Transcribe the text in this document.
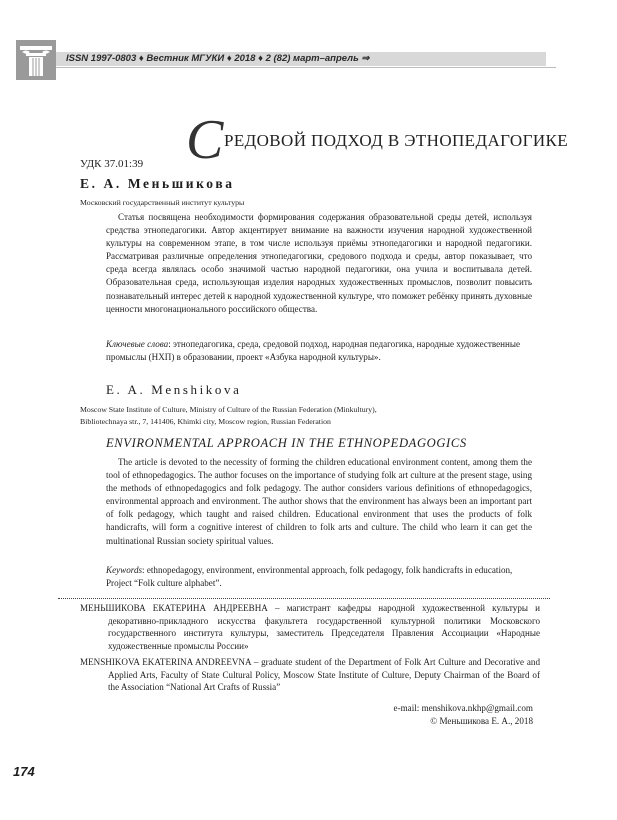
ISSN 1997-0803 ♦ Вестник МГУКИ ♦ 2018 ♦ 2 (82) март–апрель ⇒
С РЕДОВОЙ ПОДХОД В ЭТНОПЕДАГОГИКЕ
УДК 37.01:39
Е. А. Меньшикова
Московский государственный институт культуры

Статья посвящена необходимости формирования содержания образовательной среды детей, используя средства этнопедагогики. Автор акцентирует внимание на важности изучения народной художественной культуры на современном этапе, в том числе используя приёмы этнопедагогики и народной педагогики. Рассматривая различные определения этнопедагогики, средового подхода и среды, автор показывает, что среда всегда являлась особо значимой частью народной педагогики, она учила и воспитывала детей. Образовательная среда, использующая изделия народных художественных промыслов, позволит повысить познавательный интерес детей к народной художественной культуре, что поможет ребёнку принять духовные ценности многонационального российского общества.

Ключевые слова: этнопедагогика, среда, средовой подход, народная педагогика, народные художественные промыслы (НХП) в образовании, проект «Азбука народной культуры».

E. A. Menshikova
Moscow State Institute of Culture, Ministry of Culture of the Russian Federation (Minkultury),
Bibliotechnaya str., 7, 141406, Khimki city, Moscow region, Russian Federation
ENVIRONMENTAL APPROACH IN THE ETHNOPEDAGOGICS

The article is devoted to the necessity of forming the children educational environment content, among them the tool of ethnopedagogics. The author focuses on the importance of studying folk art culture at the present stage, using the methods of ethnopedagogics and folk pedagogy. The author considers various definitions of ethnopedagogics, environmental approach and environment. The author shows that the environment has always been an important part of folk pedagogy, which taught and raised children. Educational environment that uses the products of folk handicrafts, will form a cognitive interest of children to folk arts and culture. The child who learn it can get the multinational Russian society spiritual values.

Keywords: ethnopedagogy, environment, environmental approach, folk pedagogy, folk handicrafts in education, Project “Folk culture alphabet”.

МЕНЬШИКОВА ЕКАТЕРИНА АНДРЕЕВНА – магистрант кафедры народной художественной культуры и декоративно-прикладного искусства факультета государственной культурной политики Московского государственного института культуры, заместитель Председателя Правления Ассоциации «Народные художественные промыслы России»

MENSHIKOVA EKATERINA ANDREEVNA – graduate student of the Department of Folk Art Culture and Decorative and Applied Arts, Faculty of State Cultural Policy, Moscow State Institute of Culture, Deputy Chairman of the Board of the Association “National Art Crafts of Russia”

e-mail: menshikova.nkhp@gmail.com
© Меньшикова Е. А., 2018
174
